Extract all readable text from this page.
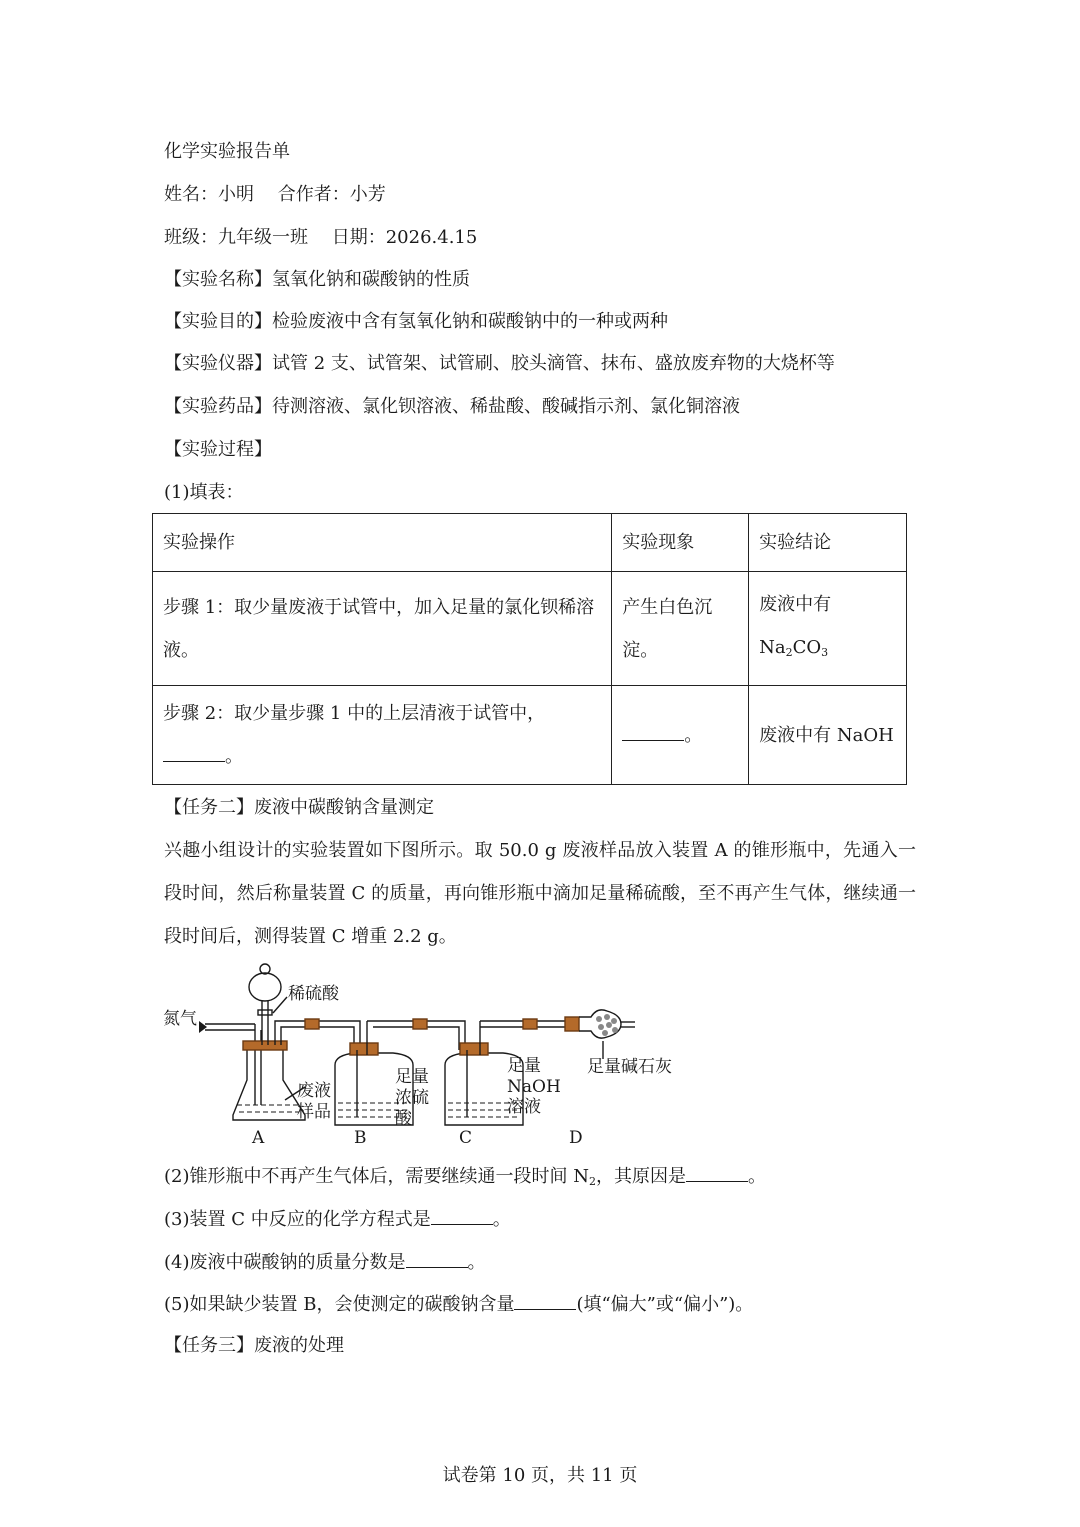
化学实验报告单
姓名：小明　 合作者：小芳
班级：九年级一班　 日期：2026.4.15
【实验名称】氢氧化钠和碳酸钠的性质
【实验目的】检验废液中含有氢氧化钠和碳酸钠中的一种或两种
【实验仪器】试管 2 支、试管架、试管刷、胶头滴管、抹布、盛放废弃物的大烧杯等
【实验药品】待测溶液、氯化钡溶液、稀盐酸、酸碱指示剂、氯化铜溶液
【实验过程】
(1)填表：
实验操作	实验现象	实验结论
步骤 1：取少量废液于试管中，加入足量的氯化钡稀溶液。	产生白色沉淀。	废液中有
$Na_2CO_3$
步骤 2：取少量步骤 1 中的上层清液于试管中，
。	。	废液中有 NaOH
【任务二】废液中碳酸钠含量测定
兴趣小组设计的实验装置如下图所示。取 50.0 g 废液样品放入装置 A 的锥形瓶中，先通入一段时间，然后称量装置 C 的质量，再向锥形瓶中滴加足量稀硫酸，至不再产生气体，继续通一段时间后，测得装置 C 增重 2.2 g。
氮气
稀硫酸
废液
样品
足量
浓硫
酸
足量
NaOH
溶液
足量碱石灰
A	B	C	D
(2)锥形瓶中不再产生气体后，需要继续通一段时间 $N_2$，其原因是	。
(3)装置 C 中反应的化学方程式是	。
(4)废液中碳酸钠的质量分数是	。
(5)如果缺少装置 B，会使测定的碳酸钠含量	(填“偏大”或“偏小”)。
【任务三】废液的处理
试卷第 10 页，共 11 页
